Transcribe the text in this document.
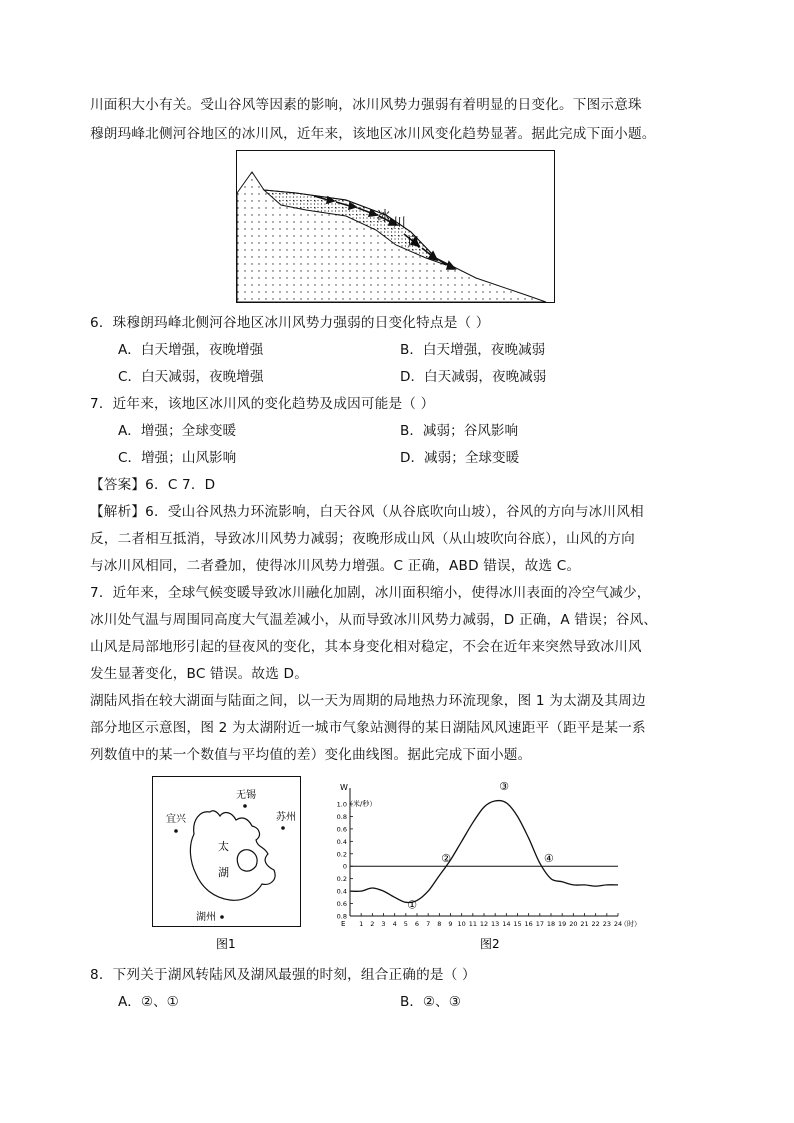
川面积大小有关。受山谷风等因素的影响，冰川风势力强弱有着明显的日变化。下图示意珠
穆朗玛峰北侧河谷地区的冰川风，近年来，该地区冰川风变化趋势显著。据此完成下面小题。
冰 川
风
6．珠穆朗玛峰北侧河谷地区冰川风势力强弱的日变化特点是（ ）
A．白天增强，夜晚增强	B．白天增强，夜晚减弱
C．白天减弱，夜晚增强	D．白天减弱，夜晚减弱
7．近年来，该地区冰川风的变化趋势及成因可能是（ ）
A．增强；全球变暖	B．减弱；谷风影响
C．增强；山风影响	D．减弱；全球变暖
【答案】6．C 7．D
【解析】6．受山谷风热力环流影响，白天谷风（从谷底吹向山坡），谷风的方向与冰川风相
反，二者相互抵消，导致冰川风势力减弱；夜晚形成山风（从山坡吹向谷底），山风的方向
与冰川风相同，二者叠加，使得冰川风势力增强。C 正确，ABD 错误，故选 C。
7．近年来，全球气候变暖导致冰川融化加剧，冰川面积缩小，使得冰川表面的冷空气减少，
冰川处气温与周围同高度大气温差减小，从而导致冰川风势力减弱，D 正确，A 错误；谷风、
山风是局部地形引起的昼夜风的变化，其本身变化相对稳定，不会在近年来突然导致冰川风
发生显著变化，BC 错误。故选 D。
湖陆风指在较大湖面与陆面之间，以一天为周期的局地热力环流现象，图 1 为太湖及其周边
部分地区示意图，图 2 为太湖附近一城市气象站测得的某日湖陆风风速距平（距平是某一系
列数值中的某一个数值与平均值的差）变化曲线图。据此完成下面小题。
无锡
苏州
宜兴
湖州
太
湖
图1
1.0
0.8
0.6
0.4
0.2
0
0.2
0.4
0.6
0.8
1 2 3 4 5 6 7 8 9 10 11 12 13 14 15 16 17 18 19 20 21 22 23 24
①
②
③
④
W
（米/秒）
（时）
E
图2
8．下列关于湖风转陆风及湖风最强的时刻，组合正确的是（ ）
A．②、①	B．②、③
